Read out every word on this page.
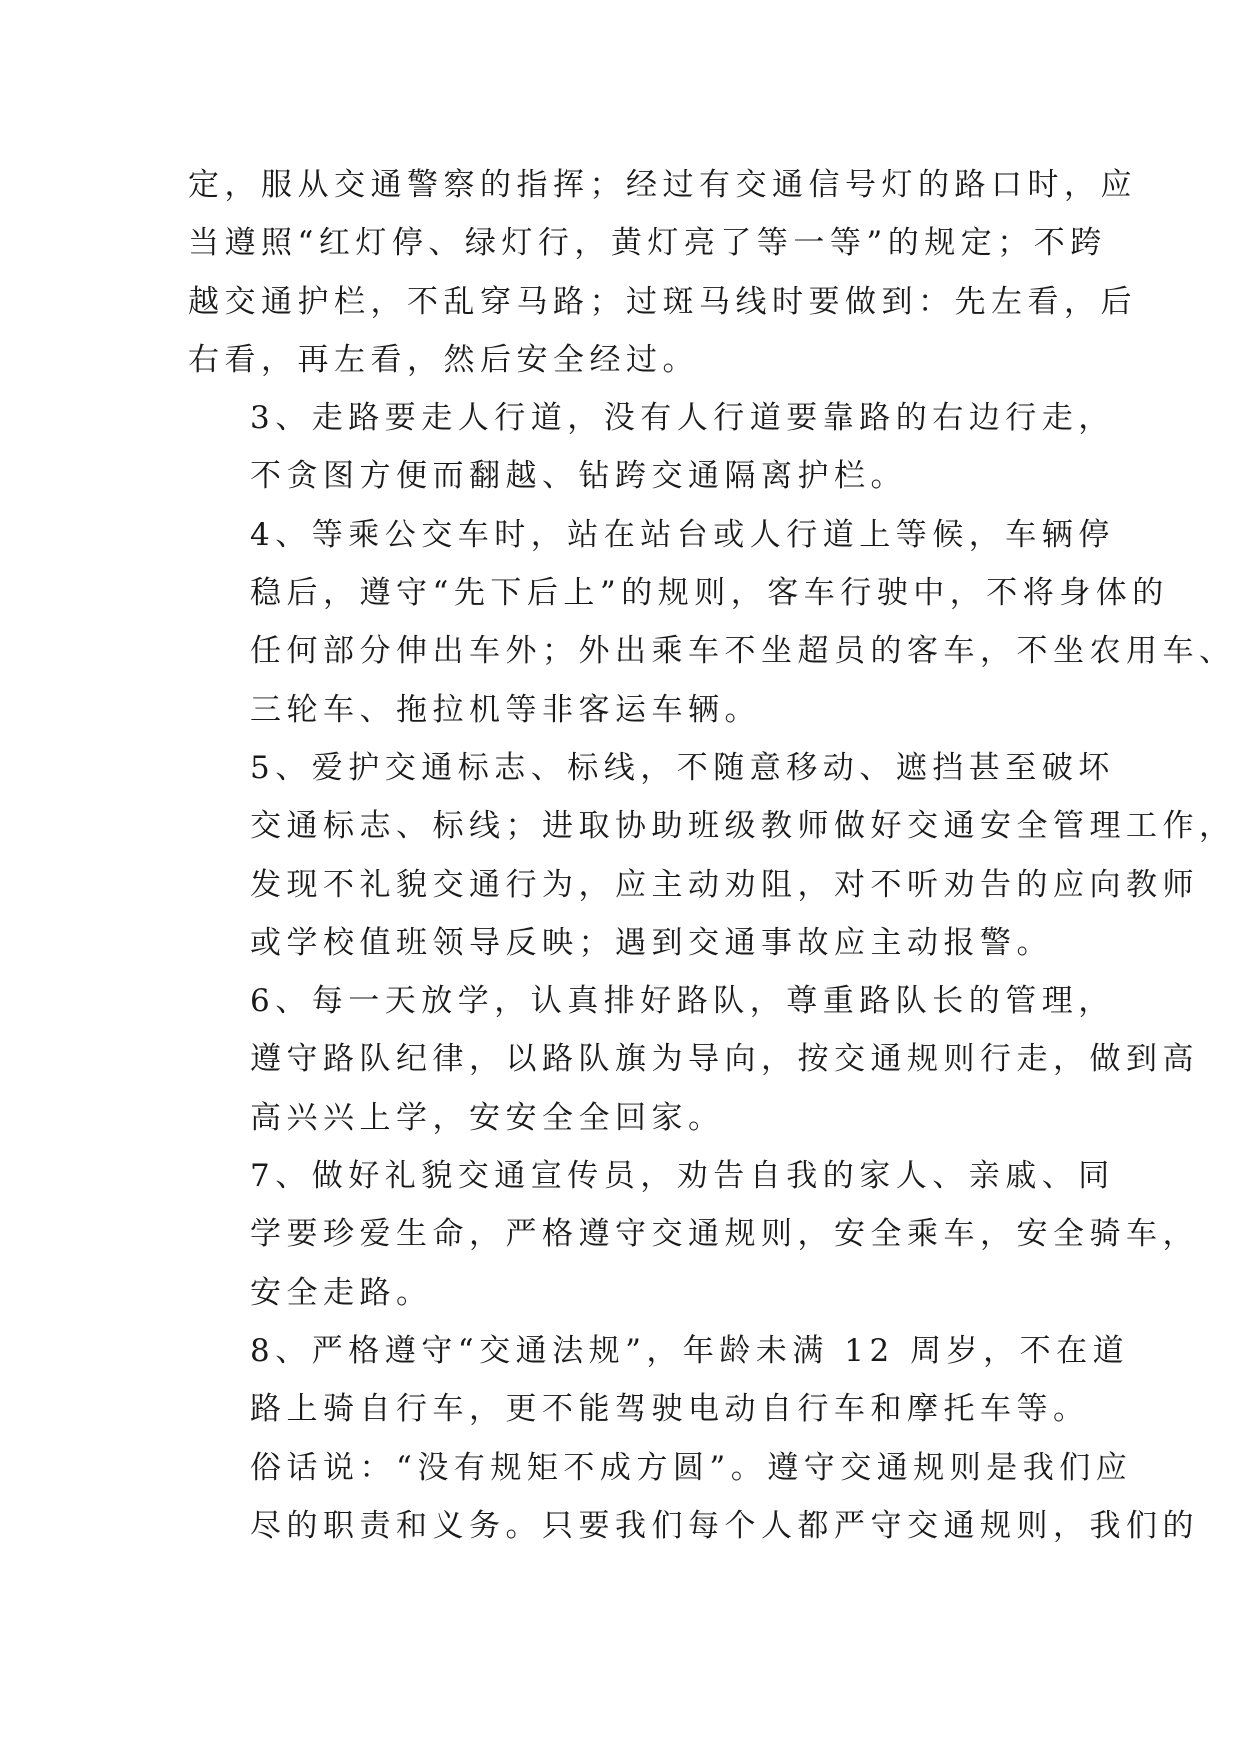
定，服从交通警察的指挥；经过有交通信号灯的路口时，应
当遵照“红灯停、绿灯行，黄灯亮了等一等”的规定；不跨
越交通护栏，不乱穿马路；过斑马线时要做到：先左看，后
右看，再左看，然后安全经过。

3、走路要走人行道，没有人行道要靠路的右边行走，
不贪图方便而翻越、钻跨交通隔离护栏。

4、等乘公交车时，站在站台或人行道上等候，车辆停
稳后，遵守“先下后上”的规则，客车行驶中，不将身体的
任何部分伸出车外；外出乘车不坐超员的客车，不坐农用车、
三轮车、拖拉机等非客运车辆。

5、爱护交通标志、标线，不随意移动、遮挡甚至破坏
交通标志、标线；进取协助班级教师做好交通安全管理工作，
发现不礼貌交通行为，应主动劝阻，对不听劝告的应向教师
或学校值班领导反映；遇到交通事故应主动报警。

6、每一天放学，认真排好路队，尊重路队长的管理，
遵守路队纪律，以路队旗为导向，按交通规则行走，做到高
高兴兴上学，安安全全回家。

7、做好礼貌交通宣传员，劝告自我的家人、亲戚、同
学要珍爱生命，严格遵守交通规则，安全乘车，安全骑车，
安全走路。

8、严格遵守“交通法规”，年龄未满 12 周岁，不在道
路上骑自行车，更不能驾驶电动自行车和摩托车等。

俗话说：“没有规矩不成方圆”。遵守交通规则是我们应
尽的职责和义务。只要我们每个人都严守交通规则，我们的
